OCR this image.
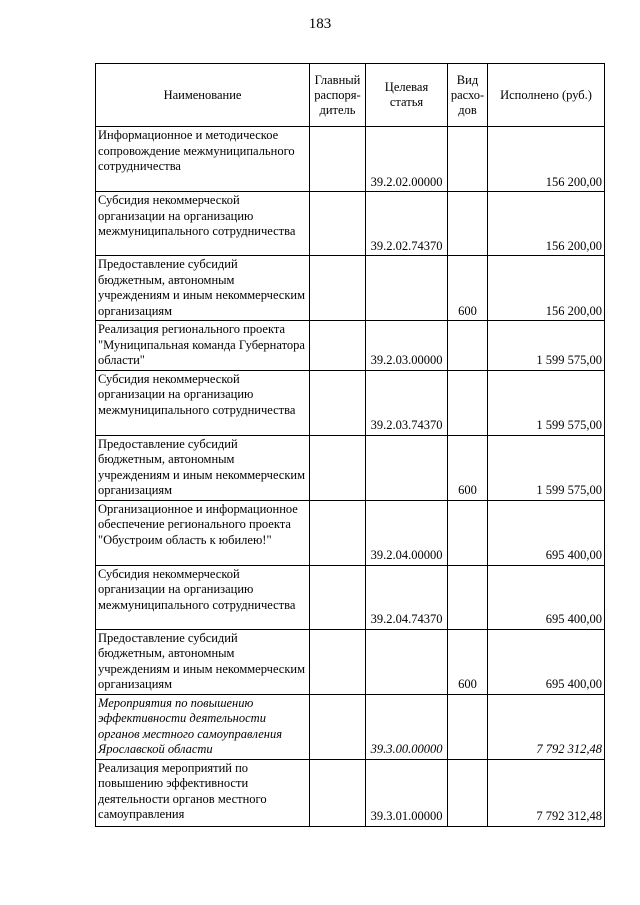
183
Наименование	Главный распоря-дитель	Целевая статья	Вид расхо-дов	Исполнено (руб.)
Информационное и методическое сопровождение межмуниципального сотрудничества		39.2.02.00000		156 200,00
Субсидия некоммерческой организации на организацию межмуниципального сотрудничества		39.2.02.74370		156 200,00
Предоставление субсидий бюджетным, автономным учреждениям и иным некоммерческим организациям			600	156 200,00
Реализация регионального проекта "Муниципальная команда Губернатора области"		39.2.03.00000		1 599 575,00
Субсидия некоммерческой организации на организацию межмуниципального сотрудничества		39.2.03.74370		1 599 575,00
Предоставление субсидий бюджетным, автономным учреждениям и иным некоммерческим организациям			600	1 599 575,00
Организационное и информационное обеспечение регионального проекта "Обустроим область к юбилею!"		39.2.04.00000		695 400,00
Субсидия некоммерческой организации на организацию межмуниципального сотрудничества		39.2.04.74370		695 400,00
Предоставление субсидий бюджетным, автономным учреждениям и иным некоммерческим организациям			600	695 400,00
Мероприятия по повышению эффективности деятельности органов местного самоуправления Ярославской области		39.3.00.00000		7 792 312,48
Реализация мероприятий по повышению эффективности деятельности органов местного самоуправления		39.3.01.00000		7 792 312,48
